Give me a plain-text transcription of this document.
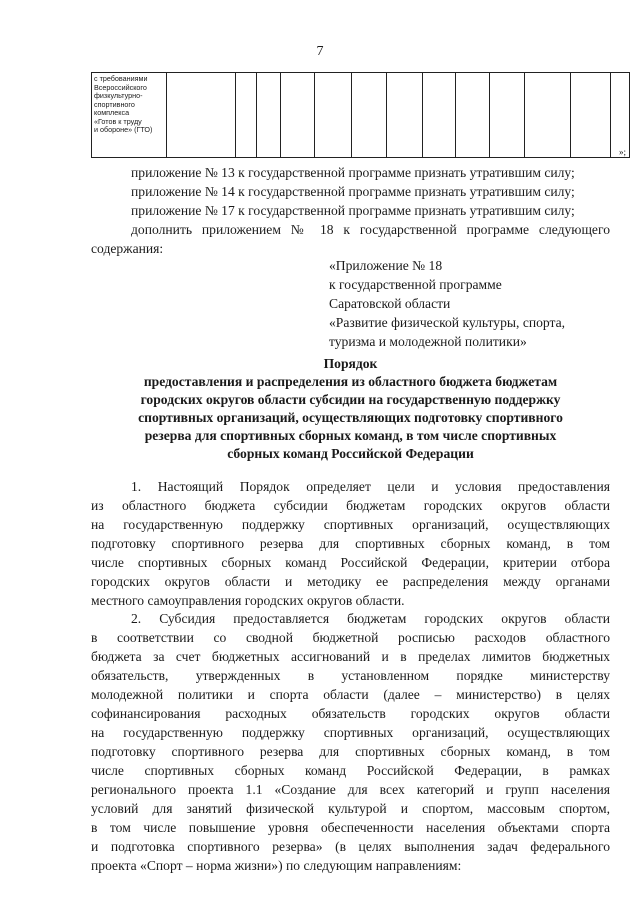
7
с требованиями
Всероссийского
физкультурно-
спортивного
комплекса
«Готов к труду
и обороне» (ГТО)
													»;
приложение № 13 к государственной программе признать утратившим силу;
приложение № 14 к государственной программе признать утратившим силу;
приложение № 17 к государственной программе признать утратившим силу;
дополнить приложением № 18 к государственной программе следующего
содержания:
«Приложение № 18
к государственной программе
Саратовской области
«Развитие физической культуры, спорта,
туризма и молодежной политики»
Порядок
предоставления и распределения из областного бюджета бюджетам
городских округов области субсидии на государственную поддержку
спортивных организаций, осуществляющих подготовку спортивного
резерва для спортивных сборных команд, в том числе спортивных
сборных команд Российской Федерации
1. Настоящий Порядок определяет цели и условия предоставления
из областного бюджета субсидии бюджетам городских округов области
на государственную поддержку спортивных организаций, осуществляющих
подготовку спортивного резерва для спортивных сборных команд, в том
числе спортивных сборных команд Российской Федерации, критерии отбора
городских округов области и методику ее распределения между органами
местного самоуправления городских округов области.
2. Субсидия предоставляется бюджетам городских округов области
в соответствии со сводной бюджетной росписью расходов областного
бюджета за счет бюджетных ассигнований и в пределах лимитов бюджетных
обязательств, утвержденных в установленном порядке министерству
молодежной политики и спорта области (далее – министерство) в целях
софинансирования расходных обязательств городских округов области
на государственную поддержку спортивных организаций, осуществляющих
подготовку спортивного резерва для спортивных сборных команд, в том
числе спортивных сборных команд Российской Федерации, в рамках
регионального проекта 1.1 «Создание для всех категорий и групп населения
условий для занятий физической культурой и спортом, массовым спортом,
в том числе повышение уровня обеспеченности населения объектами спорта
и подготовка спортивного резерва» (в целях выполнения задач федерального
проекта «Спорт – норма жизни») по следующим направлениям:
